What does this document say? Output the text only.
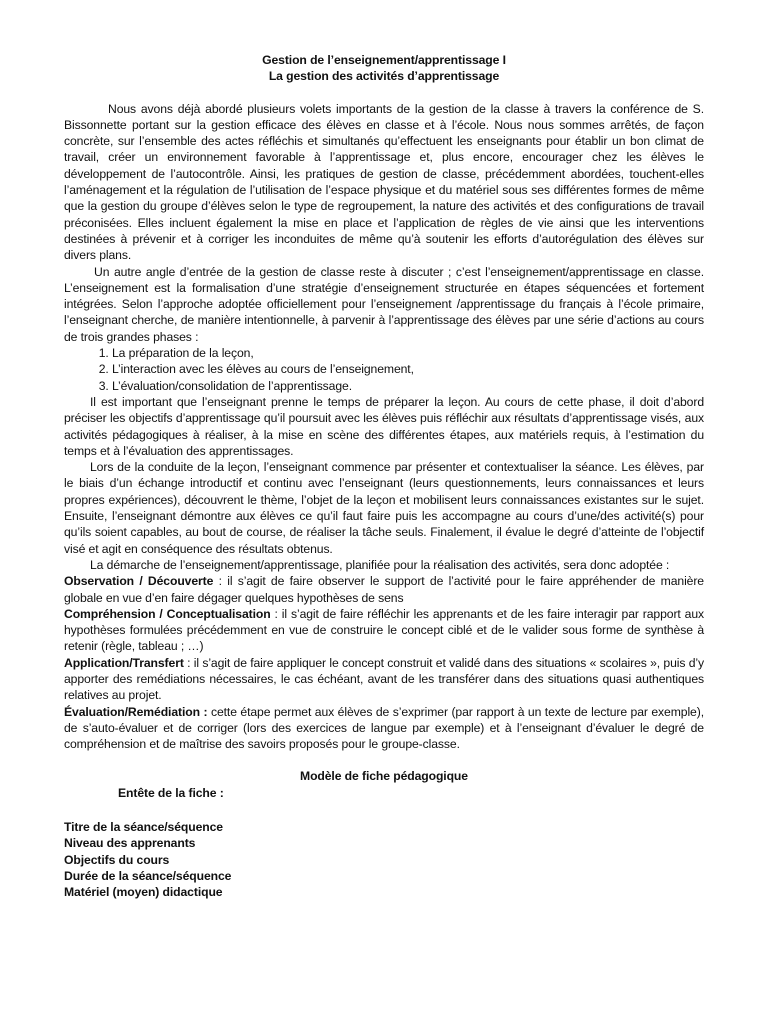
Gestion de l’enseignement/apprentissage I
La gestion des activités d’apprentissage

Nous avons déjà abordé plusieurs volets importants de la gestion de la classe à travers la conférence de S. Bissonnette portant sur la gestion efficace des élèves en classe et à l’école. Nous nous sommes arrêtés, de façon concrète, sur l’ensemble des actes réfléchis et simultanés qu’effectuent les enseignants pour établir un bon climat de travail, créer un environnement favorable à l’apprentissage et, plus encore, encourager chez les élèves le développement de l’autocontrôle. Ainsi, les pratiques de gestion de classe, précédemment abordées, touchent-elles l’aménagement et la régulation de l’utilisation de l’espace physique et du matériel sous ses différentes formes de même que la gestion du groupe d’élèves selon le type de regroupement, la nature des activités et des configurations de travail préconisées. Elles incluent également la mise en place et l’application de règles de vie ainsi que les interventions destinées à prévenir et à corriger les inconduites de même qu’à soutenir les efforts d’autorégulation des élèves sur divers plans.

Un autre angle d’entrée de la gestion de classe reste à discuter ; c’est l’enseignement/apprentissage en classe. L’enseignement est la formalisation d’une stratégie d’enseignement structurée en étapes séquencées et fortement intégrées. Selon l’approche adoptée officiellement pour l’enseignement /apprentissage du français à l’école primaire, l’enseignant cherche, de manière intentionnelle, à parvenir à l’apprentissage des élèves par une série d’actions au cours de trois grandes phases :

1. La préparation de la leçon,
2. L’interaction avec les élèves au cours de l’enseignement,
3. L’évaluation/consolidation de l’apprentissage.

Il est important que l’enseignant prenne le temps de préparer la leçon. Au cours de cette phase, il doit d’abord préciser les objectifs d’apprentissage qu’il poursuit avec les élèves puis réfléchir aux résultats d’apprentissage visés, aux activités pédagogiques à réaliser, à la mise en scène des différentes étapes, aux matériels requis, à l’estimation du temps et à l’évaluation des apprentissages.

Lors de la conduite de la leçon, l’enseignant commence par présenter et contextualiser la séance. Les élèves, par le biais d’un échange introductif et continu avec l’enseignant (leurs questionnements, leurs connaissances et leurs propres expériences), découvrent le thème, l’objet de la leçon et mobilisent leurs connaissances existantes sur le sujet. Ensuite, l’enseignant démontre aux élèves ce qu’il faut faire puis les accompagne au cours d’une/des activité(s) pour qu’ils soient capables, au bout de course, de réaliser la tâche seuls. Finalement, il évalue le degré d’atteinte de l’objectif visé et agit en conséquence des résultats obtenus.

La démarche de l’enseignement/apprentissage, planifiée pour la réalisation des activités, sera donc adoptée :

Observation / Découverte : il s’agit de faire observer le support de l’activité pour le faire appréhender de manière globale en vue d’en faire dégager quelques hypothèses de sens

Compréhension / Conceptualisation : il s’agit de faire réfléchir les apprenants et de les faire interagir par rapport aux hypothèses formulées précédemment en vue de construire le concept ciblé et de le valider sous forme de synthèse à retenir (règle, tableau ; …)

Application/Transfert : il s’agit de faire appliquer le concept construit et validé dans des situations « scolaires », puis d’y apporter des remédiations nécessaires, le cas échéant, avant de les transférer dans des situations quasi authentiques relatives au projet.

Évaluation/Remédiation : cette étape permet aux élèves de s’exprimer (par rapport à un texte de lecture par exemple), de s’auto-évaluer et de corriger (lors des exercices de langue par exemple) et à l’enseignant d’évaluer le degré de compréhension et de maîtrise des savoirs proposés pour le groupe-classe.

Modèle de fiche pédagogique
Entête de la fiche :
Titre de la séance/séquence
Niveau des apprenants
Objectifs du cours
Durée de la séance/séquence
Matériel (moyen) didactique
